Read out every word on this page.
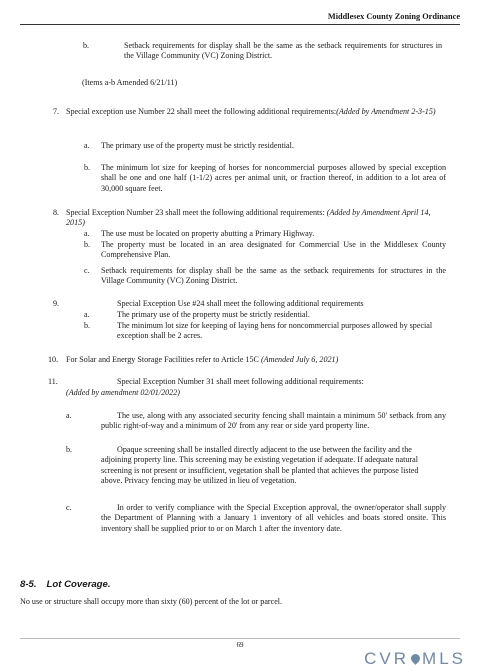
Middlesex County Zoning Ordinance
b.	Setback requirements for display shall be the same as the setback requirements for structures in the Village Community (VC) Zoning District.
(Items a-b Amended 6/21/11)
7. Special exception use Number 22 shall meet the following additional requirements:(Added by Amendment 2-3-15)
a. The primary use of the property must be strictly residential.
b. The minimum lot size for keeping of horses for noncommercial purposes allowed by special exception shall be one and one half (1-1/2) acres per animal unit, or fraction thereof, in addition to a lot area of 30,000 square feet.
8. Special Exception Number 23 shall meet the following additional requirements: (Added by Amendment April 14, 2015)
a. The use must be located on property abutting a Primary Highway.
b. The property must be located in an area designated for Commercial Use in the Middlesex County Comprehensive Plan.
c. Setback requirements for display shall be the same as the setback requirements for structures in the Village Community (VC) Zoning District.
9.	Special Exception Use #24 shall meet the following additional requirements
a.	The primary use of the property must be strictly residential.
b.	The minimum lot size for keeping of laying hens for noncommercial purposes allowed by special exception shall be 2 acres.
10. For Solar and Energy Storage Facilities refer to Article 15C (Amended July 6, 2021)
11.	Special Exception Number 31 shall meet following additional requirements:
(Added by amendment 02/01/2022)
a.	The use, along with any associated security fencing shall maintain a minimum 50' setback from any public right-of-way and a minimum of 20' from any rear or side yard property line.
b.	Opaque screening shall be installed directly adjacent to the use between the facility and the adjoining property line. This screening may be existing vegetation if adequate. If adequate natural screening is not present or insufficient, vegetation shall be planted that achieves the purpose listed above. Privacy fencing may be utilized in lieu of vegetation.
c.	In order to verify compliance with the Special Exception approval, the owner/operator shall supply the Department of Planning with a January 1 inventory of all vehicles and boats stored onsite. This inventory shall be supplied prior to or on March 1 after the inventory date.
8-5. Lot Coverage.
No use or structure shall occupy more than sixty (60) percent of the lot or parcel.
69
CVR MLS
